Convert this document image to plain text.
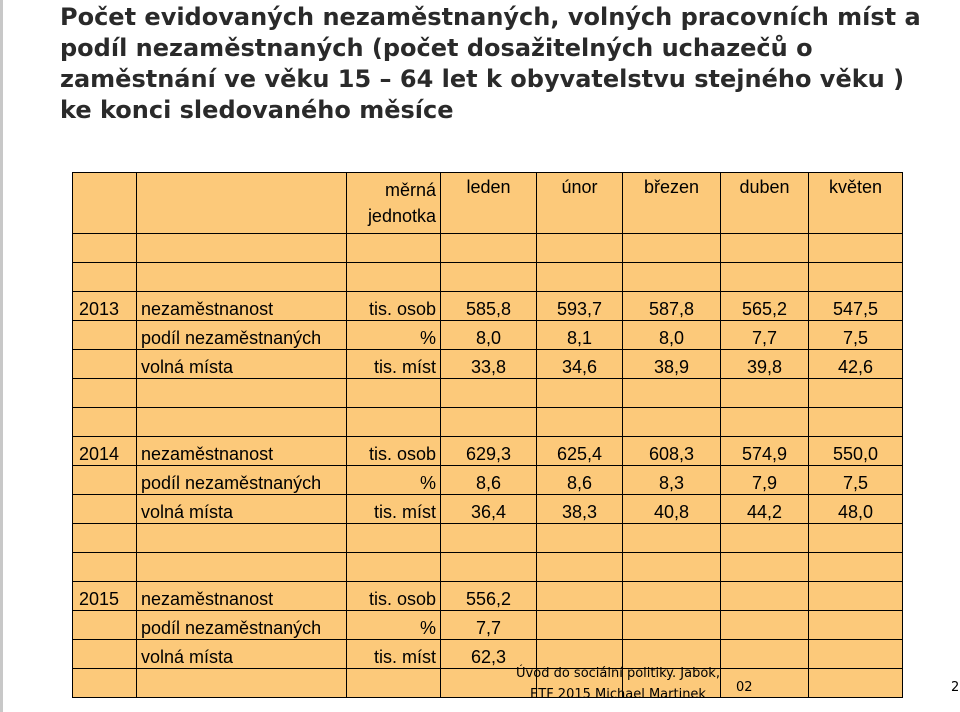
Počet evidovaných nezaměstnaných, volných pracovních míst a
podíl nezaměstnaných (počet dosažitelných uchazečů o
zaměstnání ve věku 15 – 64 let k obyvatelstvu stejného věku )
ke konci sledovaného měsíce
		měrná
jednotka	leden	únor	březen	duben	květen

2013	nezaměstnanost	tis. osob	585,8	593,7	587,8	565,2	547,5
	podíl nezaměstnaných	%	8,0	8,1	8,0	7,7	7,5
	volná místa	tis. míst	33,8	34,6	38,9	39,8	42,6

2014	nezaměstnanost	tis. osob	629,3	625,4	608,3	574,9	550,0
	podíl nezaměstnaných	%	8,6	8,6	8,3	7,9	7,5
	volná místa	tis. míst	36,4	38,3	40,8	44,2	48,0

2015	nezaměstnanost	tis. osob	556,2				
	podíl nezaměstnaných	%	7,7				
	volná místa	tis. míst	62,3				

Úvod do sociální politiky. Jabok,
ETF 2015 Michael Martinek	02	2
